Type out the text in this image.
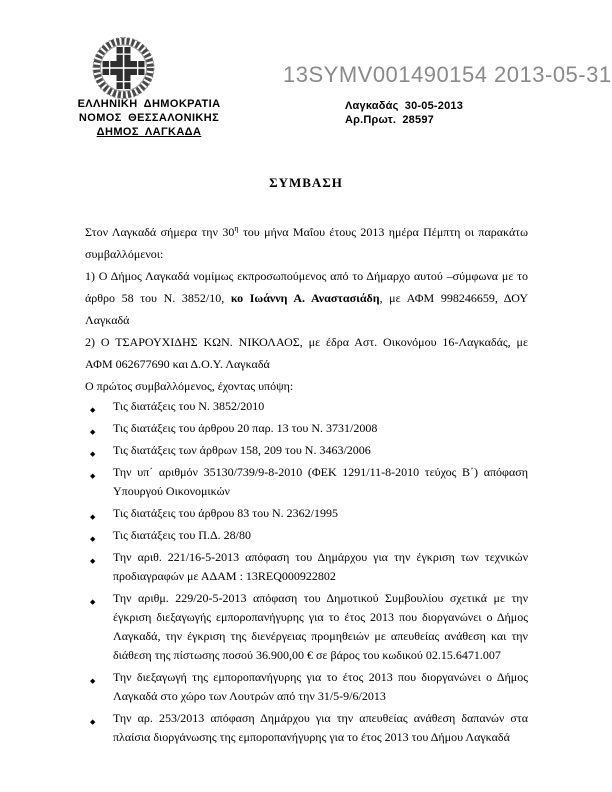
13SYMV001490154 2013-05-31
ΕΛΛΗΝΙΚΗ ΔΗΜΟΚΡΑΤΙΑ
ΝΟΜΟΣ ΘΕΣΣΑΛΟΝΙΚΗΣ
ΔΗΜΟΣ ΛΑΓΚΑΔΑ
Λαγκαδάς 30-05-2013
Αρ.Πρωτ. 28597
ΣΥΜΒΑΣΗ

Στον Λαγκαδά σήμερα την $30^\eta$ του μήνα Μαΐου έτους 2013 ημέρα Πέμπτη οι παρακάτω συμβαλλόμενοι:

1) Ο Δήμος Λαγκαδά νομίμως εκπροσωπούμενος από το Δήμαρχο αυτού –σύμφωνα με το άρθρο 58 του Ν. 3852/10, κο Ιωάννη Α. Αναστασιάδη, με ΑΦΜ 998246659, ΔΟΥ Λαγκαδά

2) Ο ΤΣΑΡΟΥΧΙΔΗΣ ΚΩΝ. ΝΙΚΟΛΑΟΣ, με έδρα Αστ. Οικονόμου 16-Λαγκαδάς, με ΑΦΜ 062677690 και Δ.Ο.Υ. Λαγκαδά

Ο πρώτος συμβαλλόμενος, έχοντας υπόψη:

◆ Τις διατάξεις του Ν. 3852/2010
◆ Τις διατάξεις του άρθρου 20 παρ. 13 του Ν. 3731/2008
◆ Τις διατάξεις των άρθρων 158, 209 του Ν. 3463/2006
◆ Την υπ΄ αριθμόν 35130/739/9-8-2010 (ΦΕΚ 1291/11-8-2010 τεύχος Β΄) απόφαση Υπουργού Οικονομικών
◆ Τις διατάξεις του άρθρου 83 του Ν. 2362/1995
◆ Τις διατάξεις του Π.Δ. 28/80
◆ Την αριθ. 221/16-5-2013 απόφαση του Δημάρχου για την έγκριση των τεχνικών προδιαγραφών με ΑΔΑΜ : 13REQ000922802
◆ Την αριθμ. 229/20-5-2013 απόφαση του Δημοτικού Συμβουλίου σχετικά με την έγκριση διεξαγωγής εμποροπανήγυρης για το έτος 2013 που διοργανώνει ο Δήμος Λαγκαδά, την έγκριση της διενέργειας προμηθειών με απευθείας ανάθεση και την διάθεση της πίστωσης ποσού 36.900,00 € σε βάρος του κωδικού 02.15.6471.007
◆ Την διεξαγωγή της εμποροπανήγυρης για το έτος 2013 που διοργανώνει ο Δήμος Λαγκαδά στο χώρο των Λουτρών από την 31/5-9/6/2013
◆ Την αρ. 253/2013 απόφαση Δημάρχου για την απευθείας ανάθεση δαπανών στα πλαίσια διοργάνωσης της εμποροπανήγυρης για το έτος 2013 του Δήμου Λαγκαδά
